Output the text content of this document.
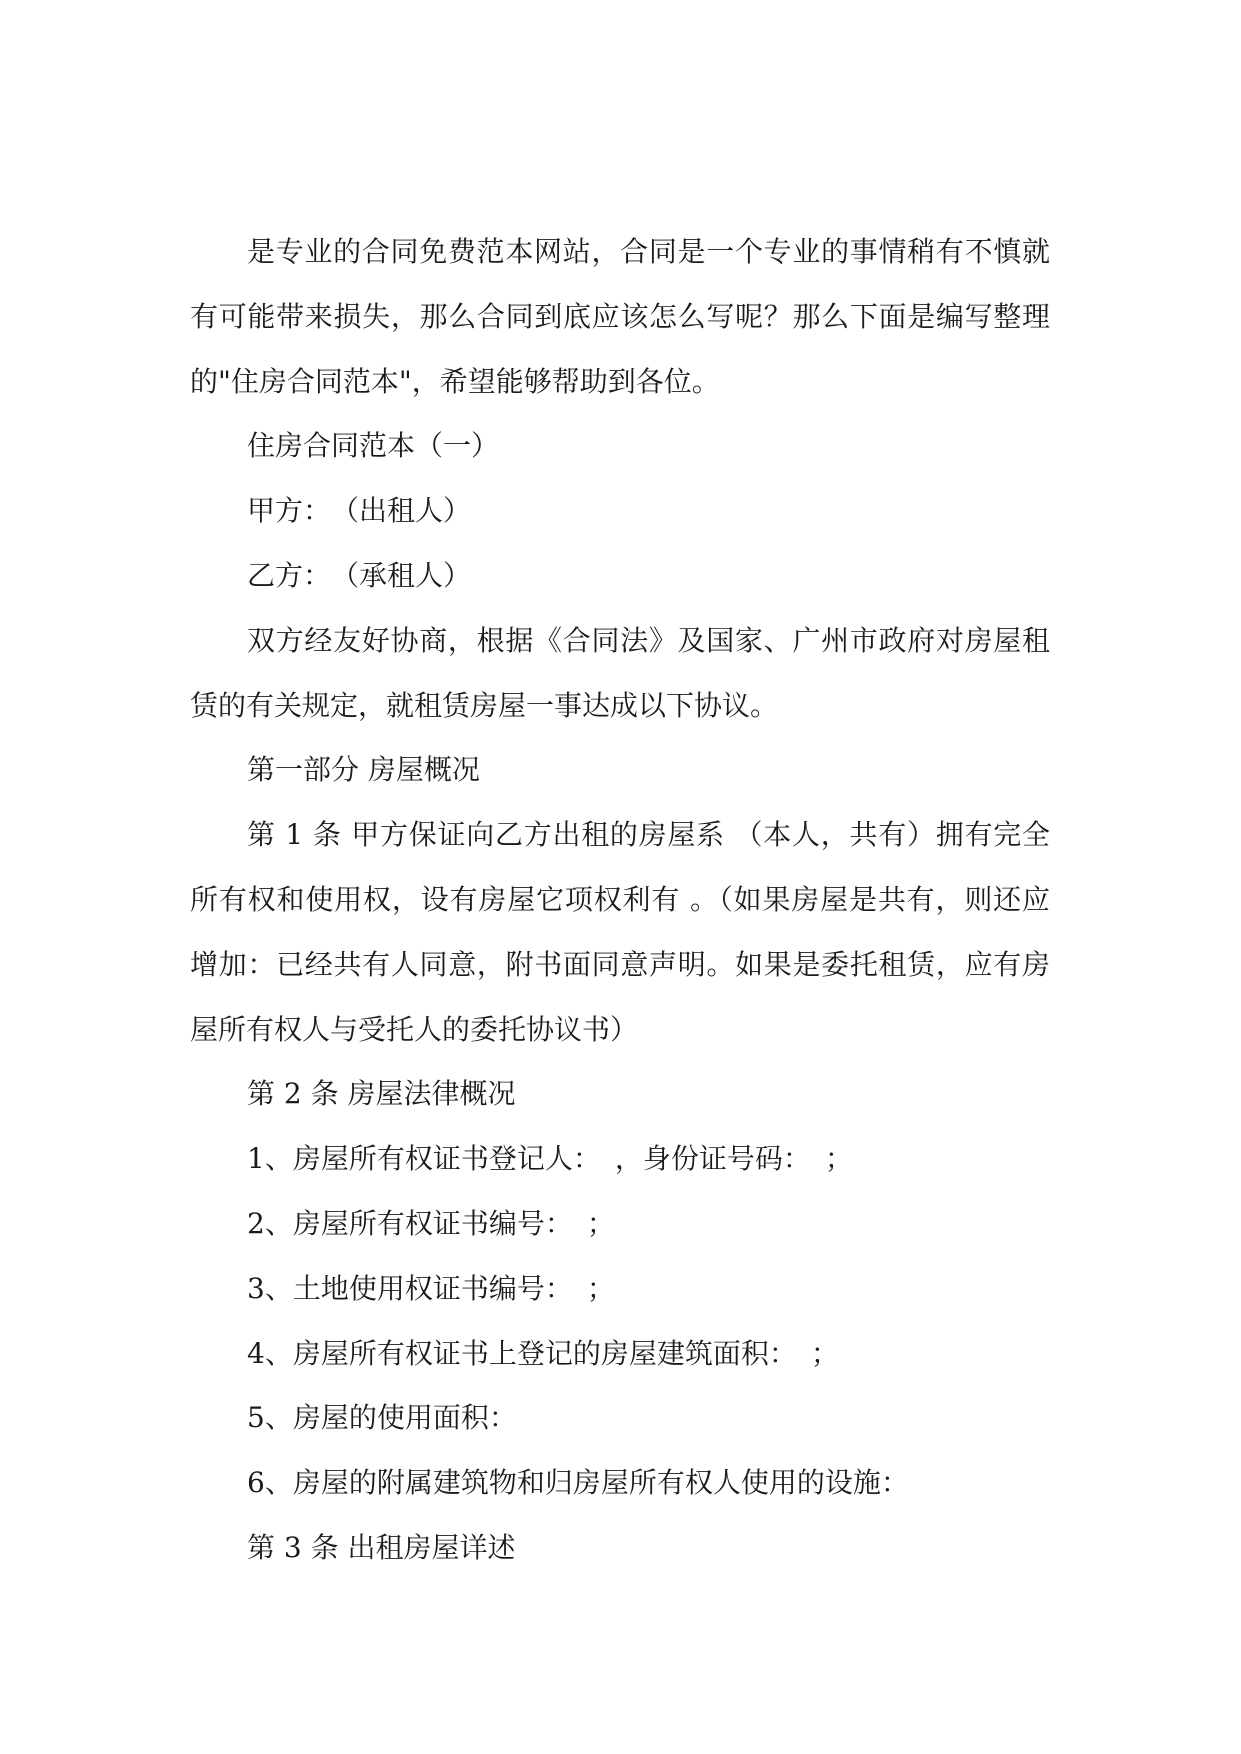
是专业的合同免费范本网站，合同是一个专业的事情稍有不慎就有可能带来损失，那么合同到底应该怎么写呢？那么下面是编写整理的"住房合同范本"，希望能够帮助到各位。

住房合同范本（一）

甲方：　（出租人）

乙方：　（承租人）

双方经友好协商，根据《合同法》及国家、广州市政府对房屋租赁的有关规定，就租赁房屋一事达成以下协议。

第一部分 房屋概况

第 1 条 甲方保证向乙方出租的房屋系 （本人，共有）拥有完全所有权和使用权，设有房屋它项权利有 。（如果房屋是共有，则还应增加：已经共有人同意，附书面同意声明。如果是委托租赁，应有房屋所有权人与受托人的委托协议书）

第 2 条 房屋法律概况

1、房屋所有权证书登记人：　，身份证号码：　；

2、房屋所有权证书编号：　；

3、土地使用权证书编号：　；

4、房屋所有权证书上登记的房屋建筑面积：　；

5、房屋的使用面积：

6、房屋的附属建筑物和归房屋所有权人使用的设施：

第 3 条 出租房屋详述
